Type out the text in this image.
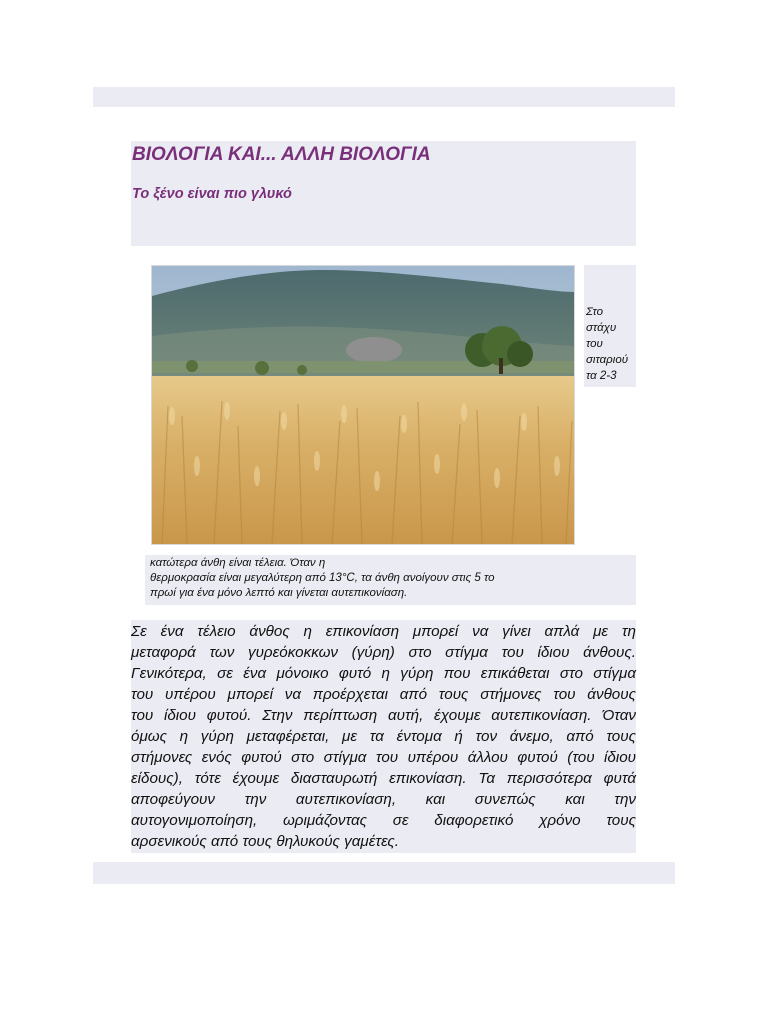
ΒΙΟΛΟΓΙΑ ΚΑΙ... ΑΛΛΗ ΒΙΟΛΟΓΙΑ
Το ξένο είναι πιο γλυκό

Στο

στάχυ

του

σιταριού

τα 2-3

κατώτερα άνθη είναι τέλεια. Όταν η

θερμοκρασία είναι μεγαλύτερη από 13°C, τα άνθη ανοίγουν στις 5 το

πρωί για ένα μόνο λεπτό και γίνεται αυτεπικονίαση.

Σε ένα τέλειο άνθος η επικονίαση μπορεί να γίνει απλά με τη

μεταφορά των γυρεόκοκκων (γύρη) στο στίγμα του ίδιου άνθους.

Γενικότερα, σε ένα μόνοικο φυτό η γύρη που επικάθεται στο στίγμα

του υπέρου μπορεί να προέρχεται από τους στήμονες του άνθους

του ίδιου φυτού. Στην περίπτωση αυτή, έχουμε αυτεπικονίαση. Όταν

όμως η γύρη μεταφέρεται, με τα έντομα ή τον άνεμο, από τους

στήμονες ενός φυτού στο στίγμα του υπέρου άλλου φυτού (του ίδιου

είδους), τότε έχουμε διασταυρωτή επικονίαση. Τα περισσότερα φυτά

αποφεύγουν την αυτεπικονίαση, και συνεπώς και την

αυτογονιμοποίηση, ωριμάζοντας σε διαφορετικό χρόνο τους

αρσενικούς από τους θηλυκούς γαμέτες.
